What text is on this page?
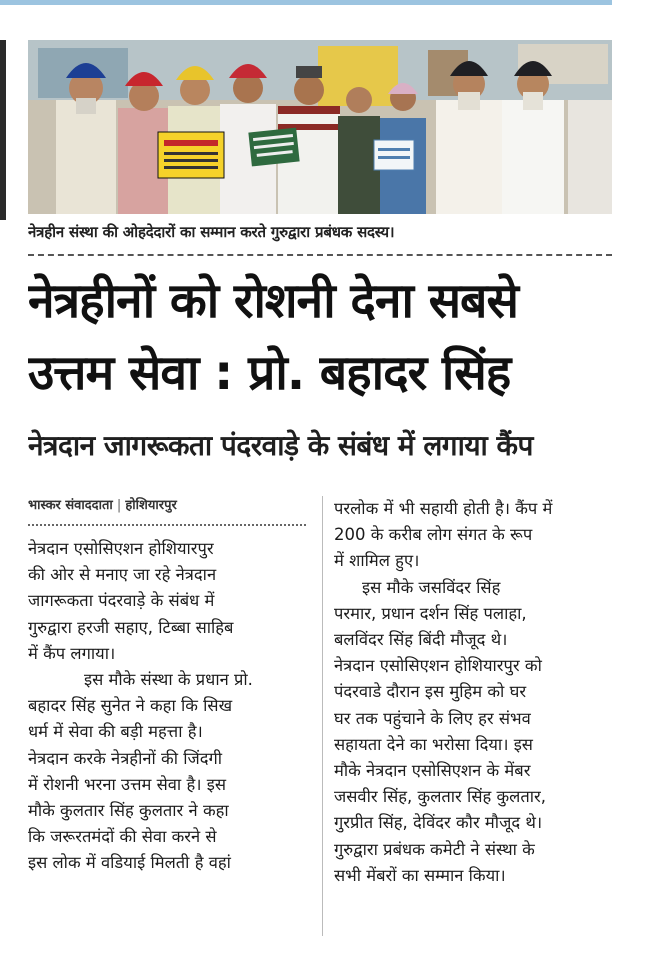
नेत्रहीन संस्था की ओहदेदारों का सम्मान करते गुरुद्वारा प्रबंधक सदस्य।
नेत्रहीनों को रोशनी देना सबसे
उत्तम सेवा : प्रो. बहादर सिंह
नेत्रदान जागरूकता पंदरवाड़े के संबंध में लगाया कैंप
भास्कर संवाददाता | होशियारपुर
नेत्रदान एसोसिएशन होशियारपुर
की ओर से मनाए जा रहे नेत्रदान
जागरूकता पंदरवाड़े के संबंध में
गुरुद्वारा हरजी सहाए, टिब्बा साहिब
में कैंप लगाया।
इस मौके संस्था के प्रधान प्रो.
बहादर सिंह सुनेत ने कहा कि सिख
धर्म में सेवा की बड़ी महत्ता है।
नेत्रदान करके नेत्रहीनों की जिंदगी
में रोशनी भरना उत्तम सेवा है। इस
मौके कुलतार सिंह कुलतार ने कहा
कि जरूरतमंदों की सेवा करने से
इस लोक में वडियाई मिलती है वहां
परलोक में भी सहायी होती है। कैंप में
200 के करीब लोग संगत के रूप
में शामिल हुए।
इस मौके जसविंदर सिंह
परमार, प्रधान दर्शन सिंह पलाहा,
बलविंदर सिंह बिंदी मौजूद थे।
नेत्रदान एसोसिएशन होशियारपुर को
पंदरवाडे दौरान इस मुहिम को घर
घर तक पहुंचाने के लिए हर संभव
सहायता देने का भरोसा दिया। इस
मौके नेत्रदान एसोसिएशन के मेंबर
जसवीर सिंह, कुलतार सिंह कुलतार,
गुरप्रीत सिंह, देविंदर कौर मौजूद थे।
गुरुद्वारा प्रबंधक कमेटी ने संस्था के
सभी मेंबरों का सम्मान किया।
